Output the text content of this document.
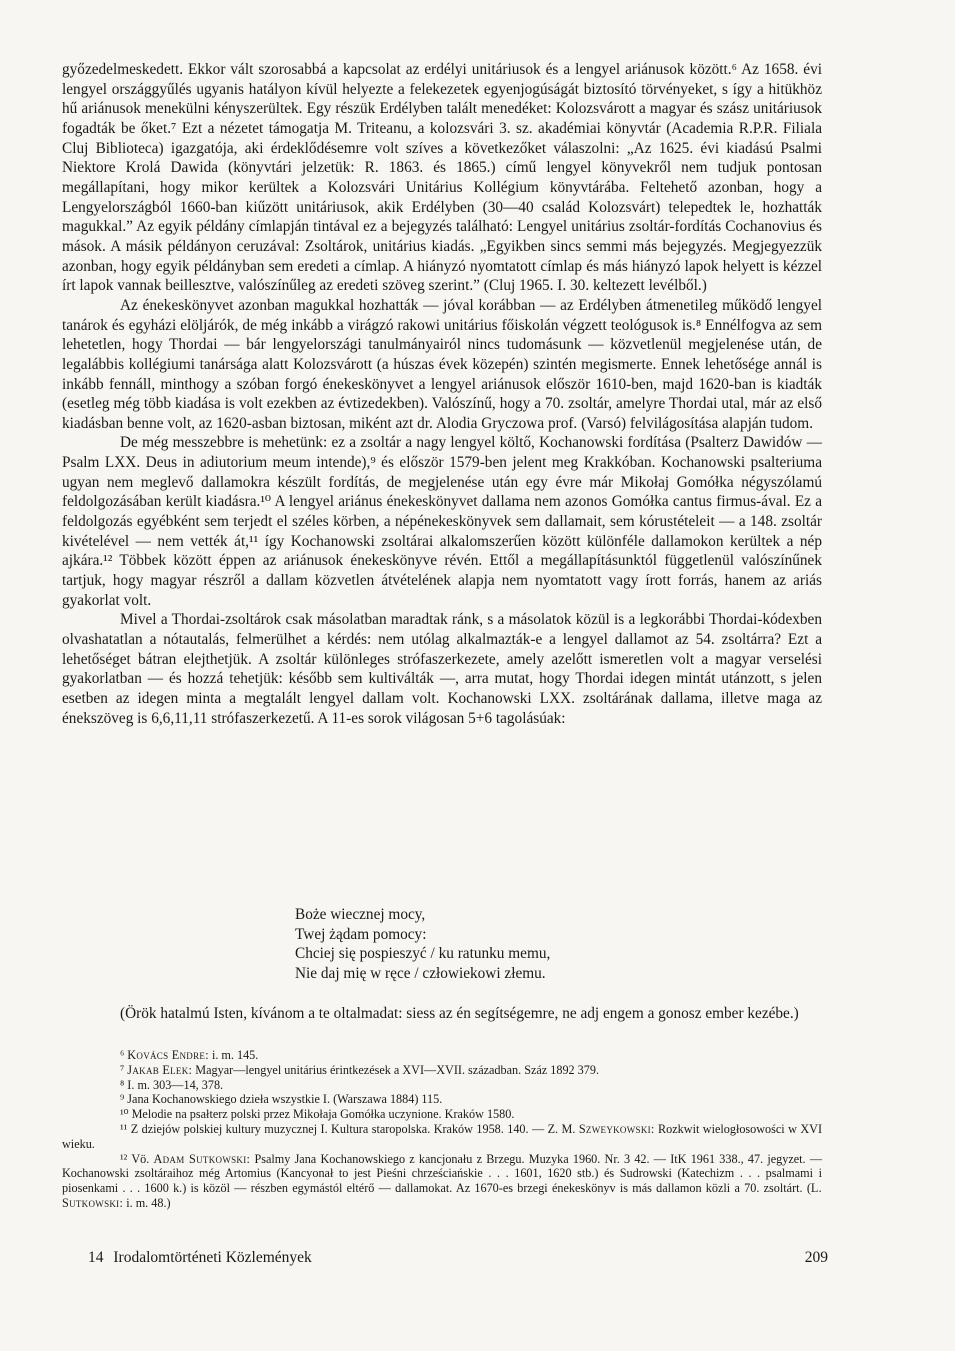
győzedelmeskedett. Ekkor vált szorosabbá a kapcsolat az erdélyi unitáriusok és a lengyel ariánusok között.⁶ Az 1658. évi lengyel országgyűlés ugyanis hatályon kívül helyezte a felekezetek egyenjogúságát biztosító törvényeket, s így a hitükhöz hű ariánusok menekülni kényszerültek. Egy részük Erdélyben talált menedéket: Kolozsvárott a magyar és szász unitáriusok fogadták be őket.⁷ Ezt a nézetet támogatja M. Triteanu, a kolozsvári 3. sz. akadémiai könyvtár (Academia R.P.R. Filiala Cluj Biblioteca) igazgatója, aki érdeklődésemre volt szíves a következőket válaszolni: „Az 1625. évi kiadású Psalmi Niektore Krolá Dawida (könyvtári jelzetük: R. 1863. és 1865.) című lengyel könyvekről nem tudjuk pontosan megállapítani, hogy mikor kerültek a Kolozsvári Unitárius Kollégium könyvtárába. Feltehető azonban, hogy a Lengyelországból 1660-ban kiűzött unitáriusok, akik Erdélyben (30—40 család Kolozsvárt) telepedtek le, hozhatták magukkal.” Az egyik példány címlapján tintával ez a bejegyzés található: Lengyel unitárius zsoltár-fordítás Cochanovius és mások. A másik példányon ceruzával: Zsoltárok, unitárius kiadás. „Egyikben sincs semmi más bejegyzés. Megjegyezzük azonban, hogy egyik példányban sem eredeti a címlap. A hiányzó nyomtatott címlap és más hiányzó lapok helyett is kézzel írt lapok vannak beillesztve, valószínűleg az eredeti szöveg szerint.” (Cluj 1965. I. 30. keltezett levélből.)

Az énekeskönyvet azonban magukkal hozhatták — jóval korábban — az Erdélyben átmenetileg működő lengyel tanárok és egyházi elöljárók, de még inkább a virágzó rakowi unitárius főiskolán végzett teológusok is.⁸ Ennélfogva az sem lehetetlen, hogy Thordai — bár lengyelországi tanulmányairól nincs tudomásunk — közvetlenül megjelenése után, de legalábbis kollégiumi tanársága alatt Kolozsvárott (a húszas évek közepén) szintén megismerte. Ennek lehetősége annál is inkább fennáll, minthogy a szóban forgó énekeskönyvet a lengyel ariánusok először 1610-ben, majd 1620-ban is kiadták (esetleg még több kiadása is volt ezekben az évtizedekben). Valószínű, hogy a 70. zsoltár, amelyre Thordai utal, már az első kiadásban benne volt, az 1620-asban biztosan, miként azt dr. Alodia Gryczowa prof. (Varsó) felvilágosítása alapján tudom.

De még messzebbre is mehetünk: ez a zsoltár a nagy lengyel költő, Kochanowski fordítása (Psalterz Dawidów — Psalm LXX. Deus in adiutorium meum intende),⁹ és először 1579-ben jelent meg Krakkóban. Kochanowski psalteriuma ugyan nem meglevő dallamokra készült fordítás, de megjelenése után egy évre már Mikołaj Gomółka négyszólamú feldolgozásában került kiadásra.¹⁰ A lengyel ariánus énekeskönyvet dallama nem azonos Gomółka cantus firmus-ával. Ez a feldolgozás egyébként sem terjedt el széles körben, a népénekeskönyvek sem dallamait, sem kórustételeit — a 148. zsoltár kivételével — nem vették át,¹¹ így Kochanowski zsoltárai alkalomszerűen között különféle dallamokon kerültek a nép ajkára.¹² Többek között éppen az ariánusok énekeskönyve révén. Ettől a megállapításunktól függetlenül valószínűnek tartjuk, hogy magyar részről a dallam közvetlen átvételének alapja nem nyomtatott vagy írott forrás, hanem az ariás gyakorlat volt.

Mivel a Thordai-zsoltárok csak másolatban maradtak ránk, s a másolatok közül is a legkorábbi Thordai-kódexben olvashatatlan a nótautalás, felmerülhet a kérdés: nem utólag alkalmazták-e a lengyel dallamot az 54. zsoltárra? Ezt a lehetőséget bátran elejthetjük. A zsoltár különleges strófaszerkezete, amely azelőtt ismeretlen volt a magyar verselési gyakorlatban — és hozzá tehetjük: később sem kultiválták —, arra mutat, hogy Thordai idegen mintát utánzott, s jelen esetben az idegen minta a megtalált lengyel dallam volt. Kochanowski LXX. zsoltárának dallama, illetve maga az énekszöveg is 6,6,11,11 strófaszerkezetű. A 11-es sorok világosan 5+6 tagolásúak:

Boże wiecznej mocy,
Twej żądam pomocy:
Chciej się pospieszyć / ku ratunku memu,
Nie daj mię w ręce / człowiekowi złemu.

(Örök hatalmú Isten, kívánom a te oltalmadat: siess az én segítségemre, ne adj engem a gonosz ember kezébe.)

⁶ Kovács Endre: i. m. 145.

⁷ Jakab Elek: Magyar—lengyel unitárius érintkezések a XVI—XVII. században. Száz 1892 379.

⁸ I. m. 303—14, 378.

⁹ Jana Kochanowskiego dzieła wszystkie I. (Warszawa 1884) 115.

¹⁰ Melodie na psałterz polski przez Mikołaja Gomółka uczynione. Kraków 1580.

¹¹ Z dziejów polskiej kultury muzycznej I. Kultura staropolska. Kraków 1958. 140. — Z. M. Szweykowski: Rozkwit wielogłosowości w XVI wieku.

¹² Vö. Adam Sutkowski: Psalmy Jana Kochanowskiego z kancjonału z Brzegu. Muzyka 1960. Nr. 3 42. — ItK 1961 338., 47. jegyzet. — Kochanowski zsoltáraihoz még Artomius (Kancyonał to jest Pieśni chrześciańskie . . . 1601, 1620 stb.) és Sudrowski (Katechizm . . . psalmami i piosenkami . . . 1600 k.) is közöl — részben egymástól eltérő — dallamokat. Az 1670-es brzegi énekeskönyv is más dallamon közli a 70. zsoltárt. (L. Sutkowski: i. m. 48.)

14 Irodalomtörténeti Közlemények	209
